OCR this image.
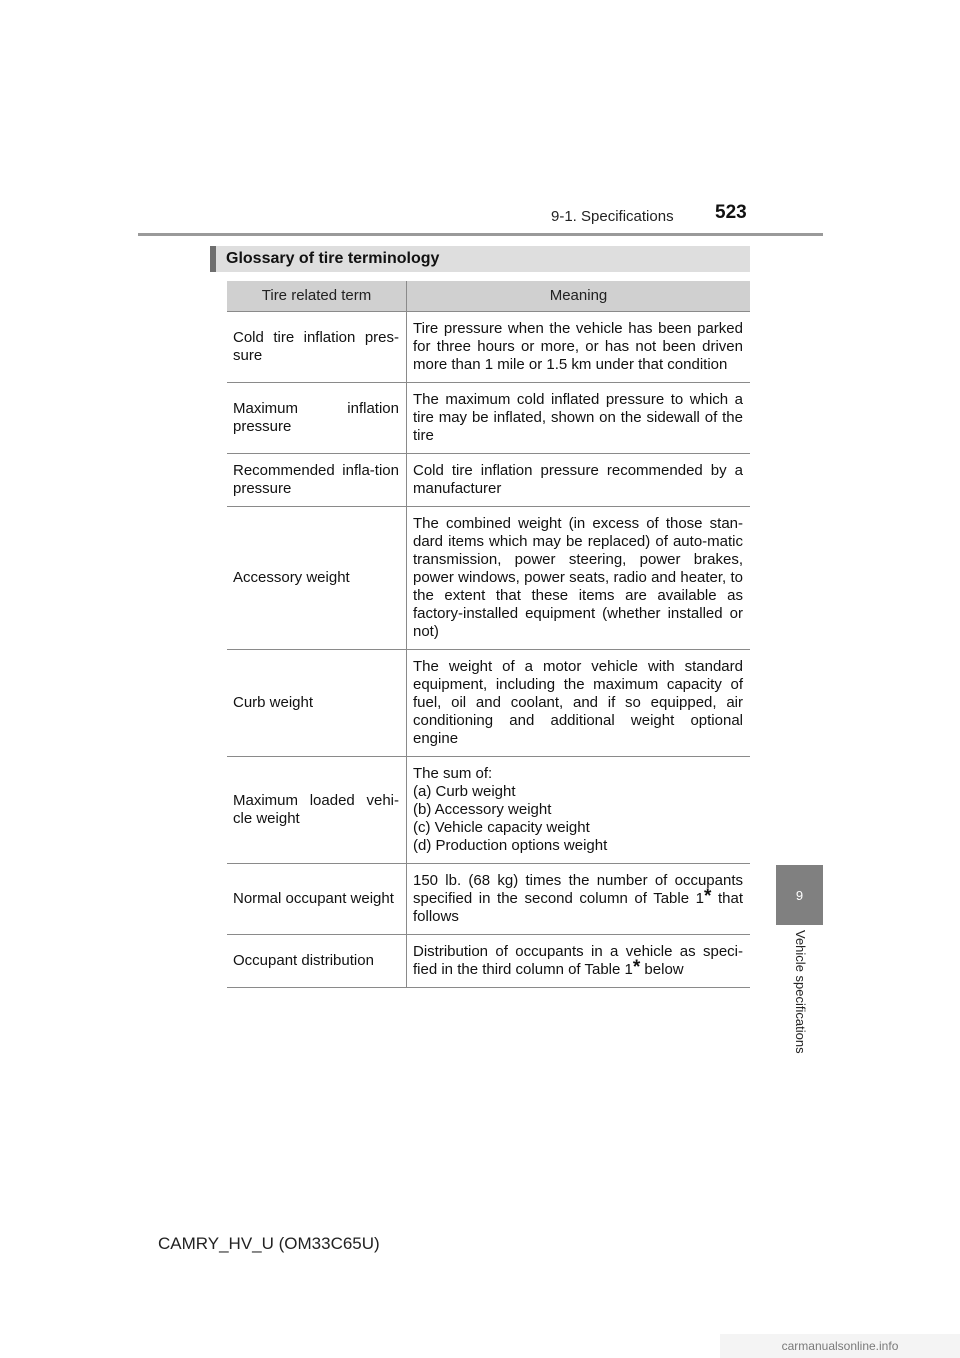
9-1. Specifications 523
9
Vehicle specifications
Glossary of tire terminology
Tire related term	Meaning
Cold tire inflation pres-sure	Tire pressure when the vehicle has been parked for three hours or more, or has not been driven more than 1 mile or 1.5 km under that condition
Maximum inflation pressure	The maximum cold inflated pressure to which a tire may be inflated, shown on the sidewall of the tire
Recommended infla-tion pressure	Cold tire inflation pressure recommended by a manufacturer
Accessory weight	The combined weight (in excess of those stan-dard items which may be replaced) of auto-matic transmission, power steering, power brakes, power windows, power seats, radio and heater, to the extent that these items are available as factory-installed equipment (whether installed or not)
Curb weight	The weight of a motor vehicle with standard equipment, including the maximum capacity of fuel, oil and coolant, and if so equipped, air conditioning and additional weight optional engine
Maximum loaded vehi-cle weight	The sum of:
(a) Curb weight
(b) Accessory weight
(c) Vehicle capacity weight
(d) Production options weight

Normal occupant weight	150 lb. (68 kg) times the number of occupants specified in the second column of Table 1* that follows
Occupant distribution	Distribution of occupants in a vehicle as speci-fied in the third column of Table 1* below
CAMRY_HV_U (OM33C65U)
carmanualsonline.info
